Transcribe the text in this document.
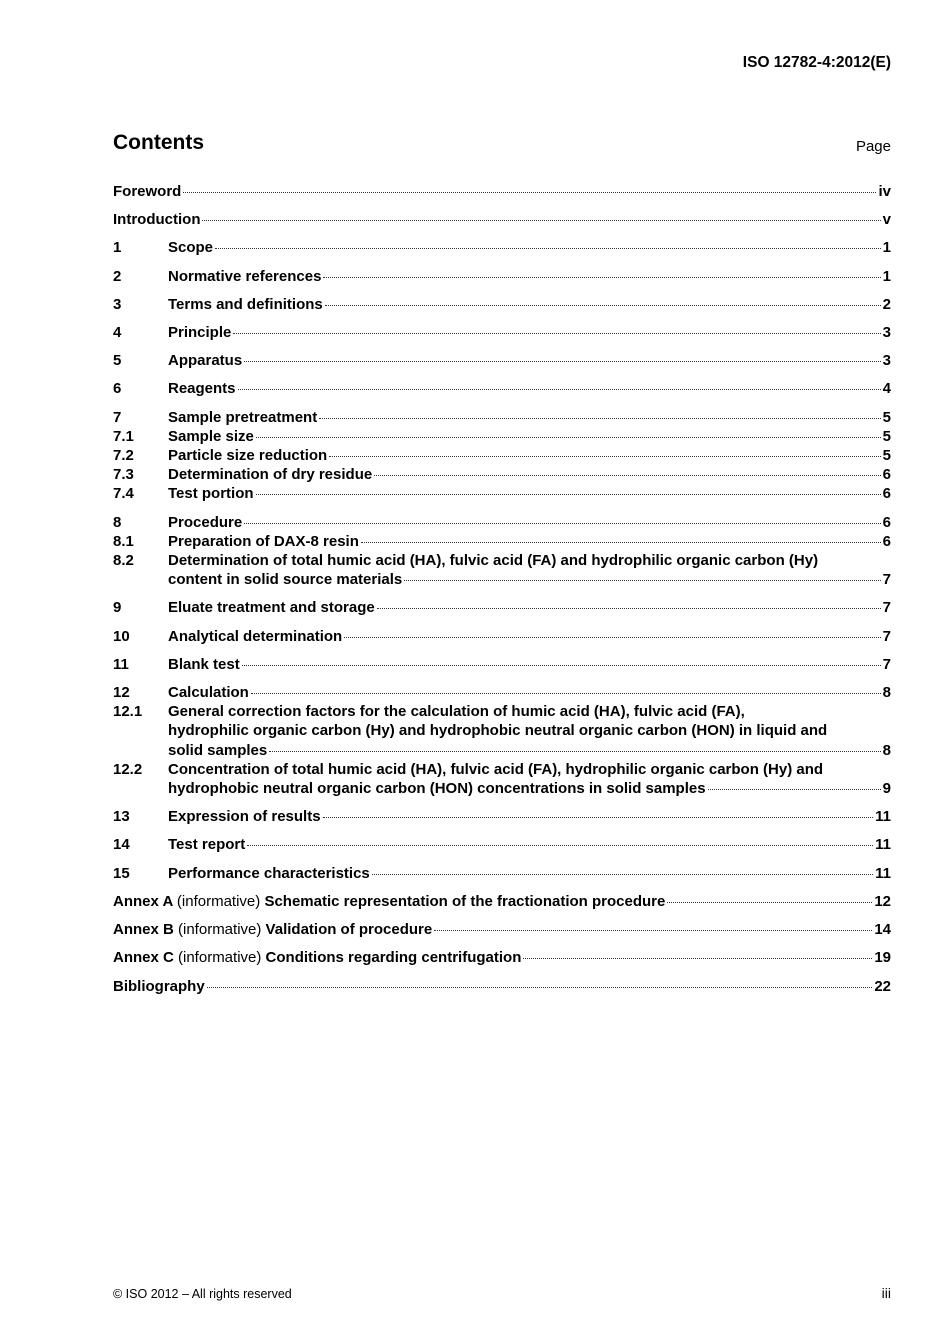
ISO 12782-4:2012(E)
Contents	Page
Foreword	iv
Introduction	v
1	Scope	1
2	Normative references	1
3	Terms and definitions	2
4	Principle	3
5	Apparatus	3
6	Reagents	4
7	Sample pretreatment	5
7.1	Sample size	5
7.2	Particle size reduction	5
7.3	Determination of dry residue	6
7.4	Test portion	6
8	Procedure	6
8.1	Preparation of DAX-8 resin	6
8.2	Determination of total humic acid (HA), fulvic acid (FA) and hydrophilic organic carbon (Hy)
content in solid source materials	7
9	Eluate treatment and storage	7
10	Analytical determination	7
11	Blank test	7
12	Calculation	8
12.1	General correction factors for the calculation of humic acid (HA), fulvic acid (FA),
hydrophilic organic carbon (Hy) and hydrophobic neutral organic carbon (HON) in liquid and
solid samples	8
12.2	Concentration of total humic acid (HA), fulvic acid (FA), hydrophilic organic carbon (Hy) and
hydrophobic neutral organic carbon (HON) concentrations in solid samples	9
13	Expression of results	11
14	Test report	11
15	Performance characteristics	11
Annex A (informative) Schematic representation of the fractionation procedure	12
Annex B (informative) Validation of procedure	14
Annex C (informative) Conditions regarding centrifugation	19
Bibliography	22
© ISO 2012 – All rights reserved	iii
